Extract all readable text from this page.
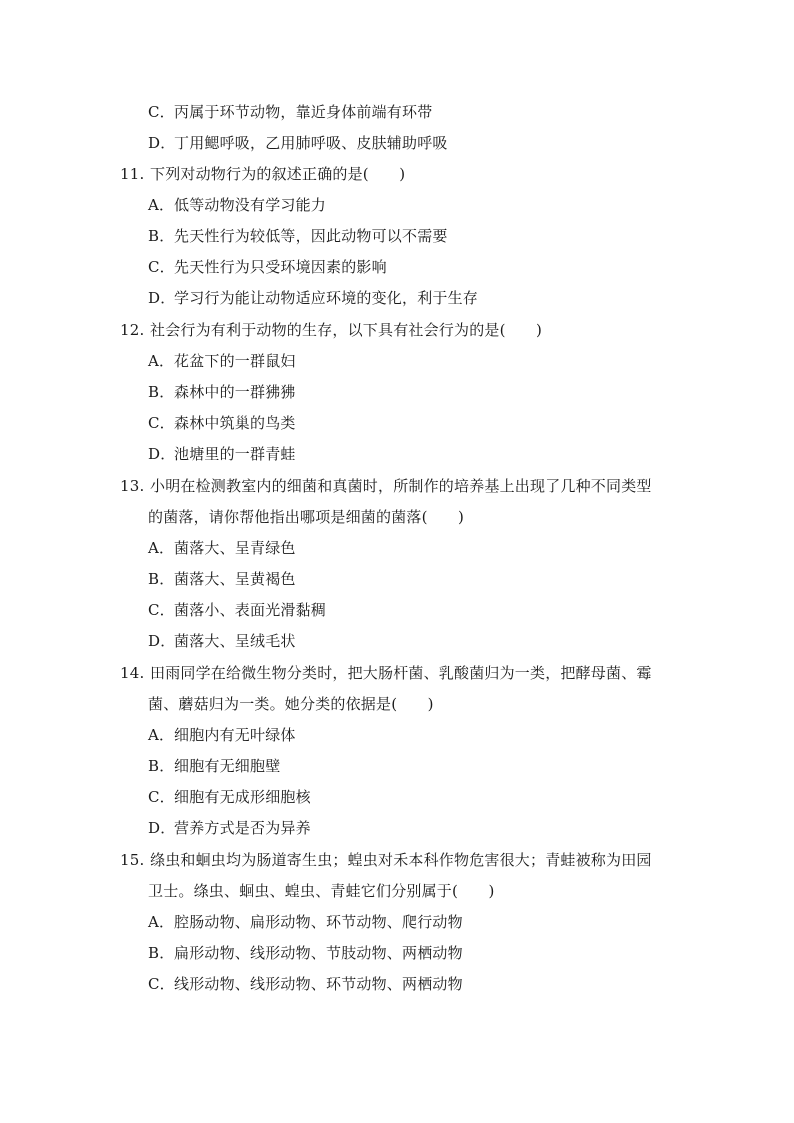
C．丙属于环节动物，靠近身体前端有环带
D．丁用鳃呼吸，乙用肺呼吸、皮肤辅助呼吸
11. 下列对动物行为的叙述正确的是(　　)
A．低等动物没有学习能力
B．先天性行为较低等，因此动物可以不需要
C．先天性行为只受环境因素的影响
D．学习行为能让动物适应环境的变化，利于生存
12. 社会行为有利于动物的生存，以下具有社会行为的是(　　)
A．花盆下的一群鼠妇
B．森林中的一群狒狒
C．森林中筑巢的鸟类
D．池塘里的一群青蛙
13. 小明在检测教室内的细菌和真菌时，所制作的培养基上出现了几种不同类型
的菌落，请你帮他指出哪项是细菌的菌落(　　)
A．菌落大、呈青绿色
B．菌落大、呈黄褐色
C．菌落小、表面光滑黏稠
D．菌落大、呈绒毛状
14. 田雨同学在给微生物分类时，把大肠杆菌、乳酸菌归为一类，把酵母菌、霉
菌、蘑菇归为一类。她分类的依据是(　　)
A．细胞内有无叶绿体
B．细胞有无细胞壁
C．细胞有无成形细胞核
D．营养方式是否为异养
15. 绦虫和蛔虫均为肠道寄生虫；蝗虫对禾本科作物危害很大；青蛙被称为田园
卫士。绦虫、蛔虫、蝗虫、青蛙它们分别属于(　　)
A．腔肠动物、扁形动物、环节动物、爬行动物
B．扁形动物、线形动物、节肢动物、两栖动物
C．线形动物、线形动物、环节动物、两栖动物
